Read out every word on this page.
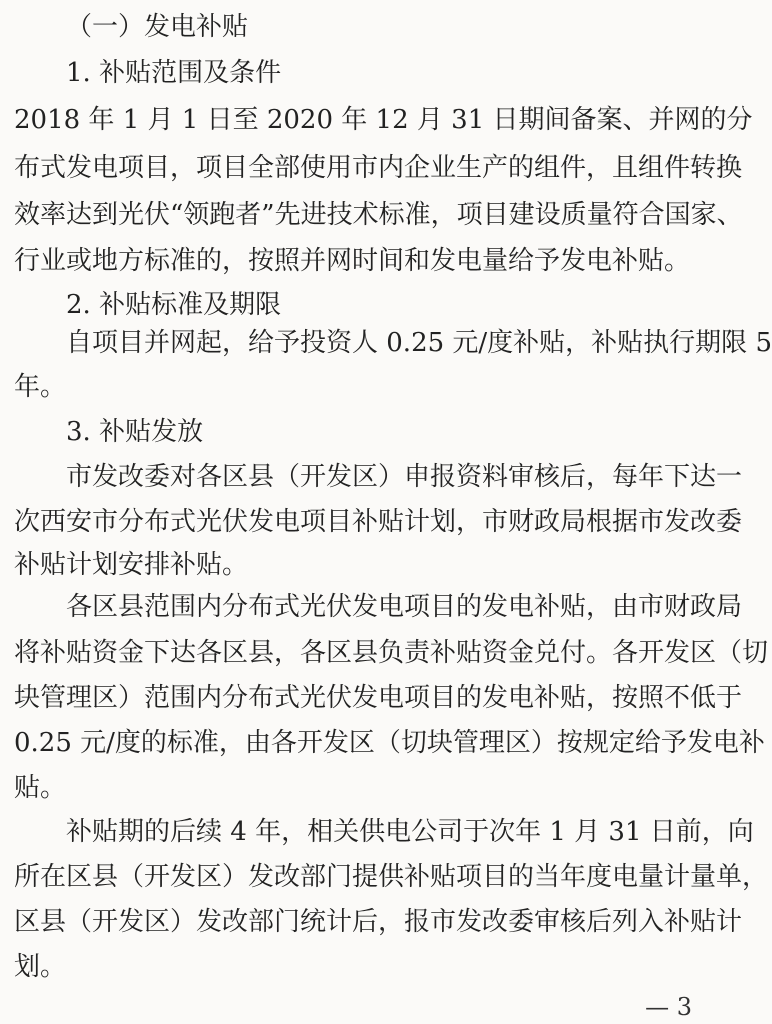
（一）发电补贴
1. 补贴范围及条件
2018 年 1 月 1 日至 2020 年 12 月 31 日期间备案、并网的分
布式发电项目，项目全部使用市内企业生产的组件，且组件转换
效率达到光伏“领跑者”先进技术标准，项目建设质量符合国家、
行业或地方标准的，按照并网时间和发电量给予发电补贴。
2. 补贴标准及期限
自项目并网起，给予投资人 0.25 元/度补贴，补贴执行期限 5
年。
3. 补贴发放
市发改委对各区县（开发区）申报资料审核后，每年下达一
次西安市分布式光伏发电项目补贴计划，市财政局根据市发改委
补贴计划安排补贴。
各区县范围内分布式光伏发电项目的发电补贴，由市财政局
将补贴资金下达各区县，各区县负责补贴资金兑付。各开发区（切
块管理区）范围内分布式光伏发电项目的发电补贴，按照不低于
0.25 元/度的标准，由各开发区（切块管理区）按规定给予发电补
贴。
补贴期的后续 4 年，相关供电公司于次年 1 月 31 日前，向
所在区县（开发区）发改部门提供补贴项目的当年度电量计量单，
区县（开发区）发改部门统计后，报市发改委审核后列入补贴计
划。
— 3
